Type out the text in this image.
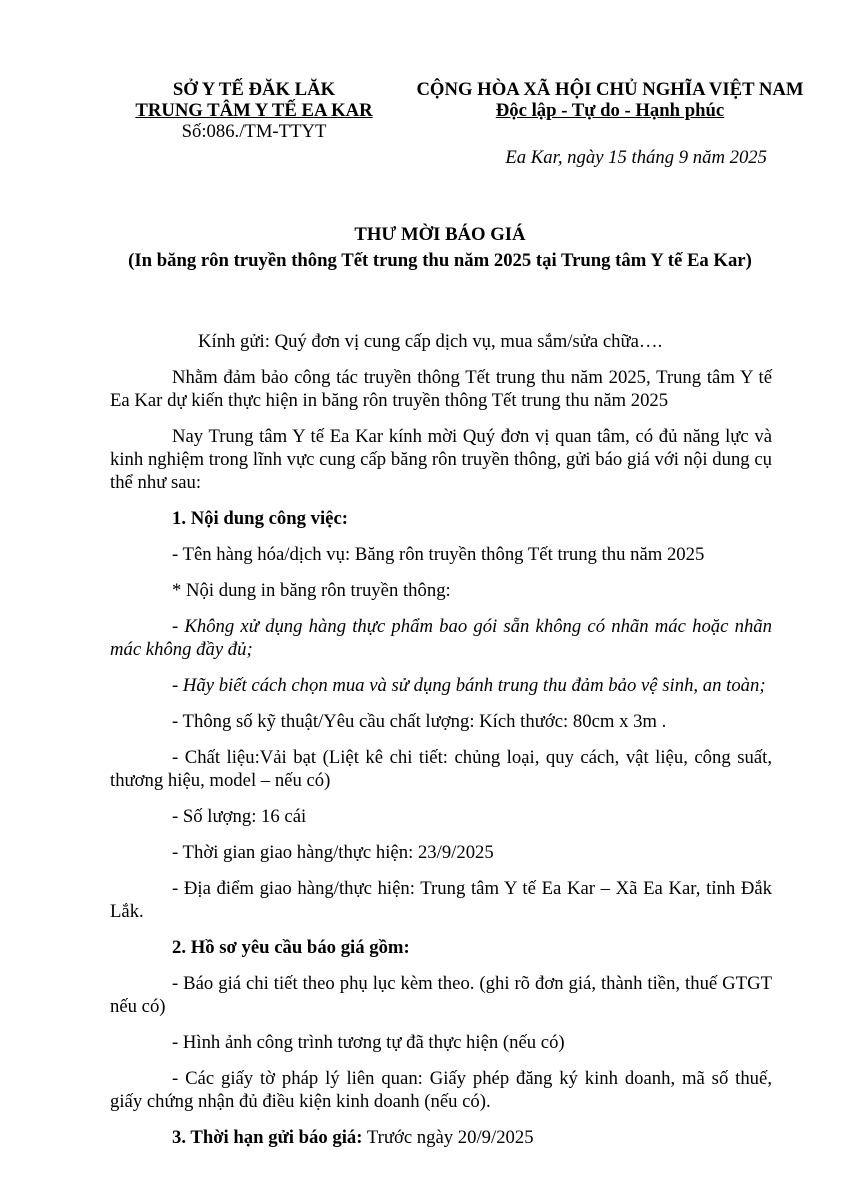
SỞ Y TẾ ĐĂK LĂK
TRUNG TÂM Y TẾ EA KAR
Số:086./TM-TTYT
CỘNG HÒA XÃ HỘI CHỦ NGHĨA VIỆT NAM
Độc lập - Tự do - Hạnh phúc
Ea Kar, ngày 15 tháng 9 năm 2025
THƯ MỜI BÁO GIÁ
(In băng rôn truyền thông Tết trung thu năm 2025 tại Trung tâm Y tế Ea Kar)

Kính gửi: Quý đơn vị cung cấp dịch vụ, mua sắm/sửa chữa….

Nhằm đảm bảo công tác truyền thông Tết trung thu năm 2025, Trung tâm Y tế Ea Kar dự kiến thực hiện in băng rôn truyền thông Tết trung thu năm 2025

Nay Trung tâm Y tế Ea Kar kính mời Quý đơn vị quan tâm, có đủ năng lực và kinh nghiệm trong lĩnh vực cung cấp băng rôn truyền thông, gửi báo giá với nội dung cụ thể như sau:

1. Nội dung công việc:

- Tên hàng hóa/dịch vụ: Băng rôn truyền thông Tết trung thu năm 2025

* Nội dung in băng rôn truyền thông:

- Không xử dụng hàng thực phẩm bao gói sẵn không có nhãn mác hoặc nhãn mác không đầy đủ;

- Hãy biết cách chọn mua và sử dụng bánh trung thu đảm bảo vệ sinh, an toàn;

- Thông số kỹ thuật/Yêu cầu chất lượng: Kích thước: 80cm x 3m .

- Chất liệu:Vải bạt (Liệt kê chi tiết: chủng loại, quy cách, vật liệu, công suất, thương hiệu, model – nếu có)

- Số lượng: 16 cái

- Thời gian giao hàng/thực hiện: 23/9/2025

- Địa điểm giao hàng/thực hiện: Trung tâm Y tế Ea Kar – Xã Ea Kar, tỉnh Đắk Lắk.

2. Hồ sơ yêu cầu báo giá gồm:

- Báo giá chi tiết theo phụ lục kèm theo. (ghi rõ đơn giá, thành tiền, thuế GTGT nếu có)

- Hình ảnh công trình tương tự đã thực hiện (nếu có)

- Các giấy tờ pháp lý liên quan: Giấy phép đăng ký kinh doanh, mã số thuế, giấy chứng nhận đủ điều kiện kinh doanh (nếu có).

3. Thời hạn gửi báo giá: Trước ngày 20/9/2025
